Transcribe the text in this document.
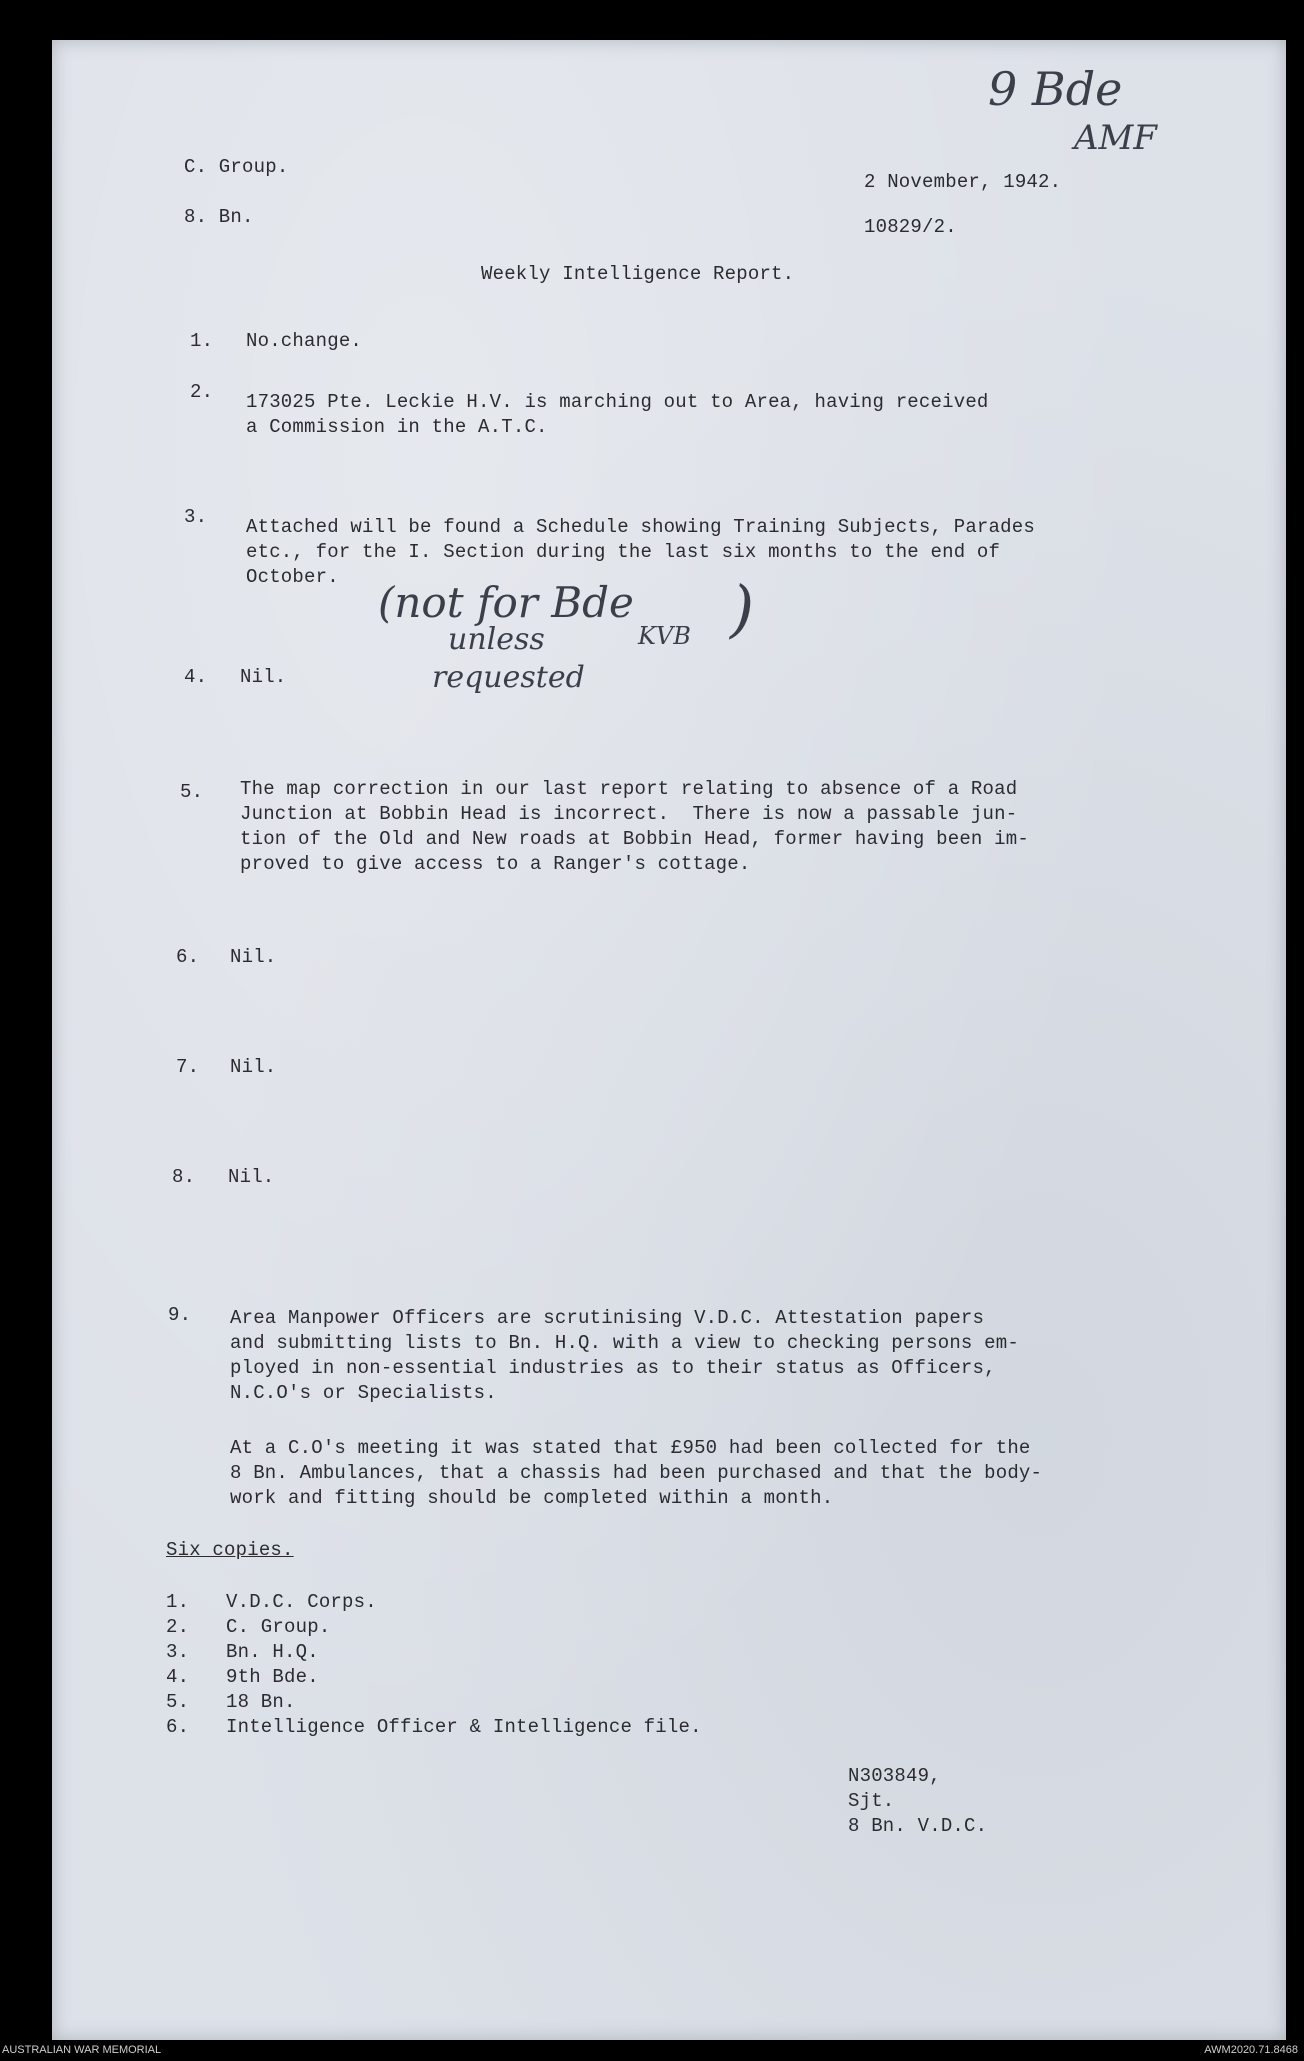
9 Bde
AMF
C. Group.
2 November, 1942.
8. Bn.	10829/2.
Weekly Intelligence Report.
1. No.change.
2. 173025 Pte. Leckie H.V. is marching out to Area, having received
a Commission in the A.T.C.
3. Attached will be found a Schedule showing Training Subjects, Parades
etc., for the I. Section during the last six months to the end of
October.
(not for Bde
unless	KVB )
requested
4. Nil.
5. The map correction in our last report relating to absence of a Road
Junction at Bobbin Head is incorrect.  There is now a passable jun-
tion of the Old and New roads at Bobbin Head, former having been im-
proved to give access to a Ranger's cottage.
6. Nil.
7. Nil.
8. Nil.
9. Area Manpower Officers are scrutinising V.D.C. Attestation papers
and submitting lists to Bn. H.Q. with a view to checking persons em-
ployed in non-essential industries as to their status as Officers,
N.C.O's or Specialists.
At a C.O's meeting it was stated that £950 had been collected for the
8 Bn. Ambulances, that a chassis had been purchased and that the body-
work and fitting should be completed within a month.
Six copies.
1. V.D.C. Corps.
2. C. Group.
3. Bn. H.Q.
4. 9th Bde.
5. 18 Bn.
6. Intelligence Officer & Intelligence file.
N303849,
Sjt.
8 Bn. V.D.C.
AUSTRALIAN WAR MEMORIAL	AWM2020.71.8468
